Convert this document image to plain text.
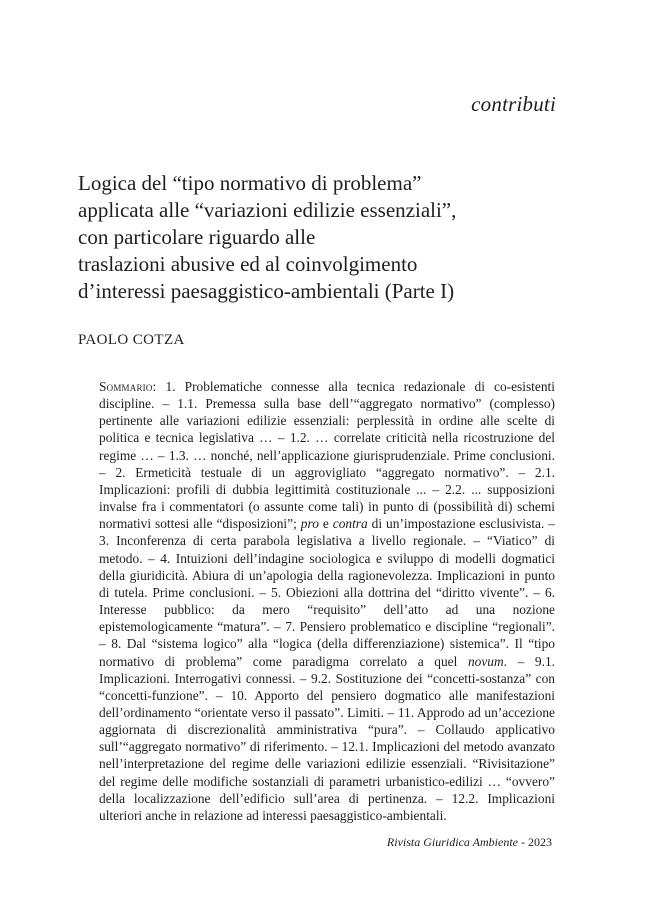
contributi
Logica del “tipo normativo di problema”
applicata alle “variazioni edilizie essenziali”,
con particolare riguardo alle
traslazioni abusive ed al coinvolgimento
d’interessi paesaggistico-ambientali (Parte I)
PAOLO COTZA
Sommario: 1. Problematiche connesse alla tecnica redazionale di co-esistenti discipline. – 1.1. Premessa sulla base dell’“aggregato normativo” (complesso) pertinente alle variazioni edilizie essenziali: perplessità in ordine alle scelte di politica e tecnica legislativa … – 1.2. … correlate criticità nella ricostruzione del regime … – 1.3. … nonché, nell’applicazione giurisprudenziale. Prime conclusioni. – 2. Ermeticità testuale di un aggrovigliato “aggregato normativo”. – 2.1. Implicazioni: profili di dubbia legittimità costituzionale ... – 2.2. ... supposizioni invalse fra i commentatori (o assunte come tali) in punto di (possibilità di) schemi normativi sottesi alle “disposizioni”; pro e contra di un’impostazione esclusivista. – 3. Inconferenza di certa parabola legislativa a livello regionale. – “Viatico” di metodo. – 4. Intuizioni dell’indagine sociologica e sviluppo di modelli dogmatici della giuridicità. Abiura di un’apologia della ragionevolezza. Implicazioni in punto di tutela. Prime conclusioni. – 5. Obiezioni alla dottrina del “diritto vivente”. – 6. Interesse pubblico: da mero “requisito” dell’atto ad una nozione epistemologicamente “matura”. – 7. Pensiero problematico e discipline “regionali”. – 8. Dal “sistema logico” alla “logica (della differenziazione) sistemica”. Il “tipo normativo di problema” come paradigma correlato a quel novum. – 9.1. Implicazioni. Interrogativi connessi. – 9.2. Sostituzione dei “concetti-sostanza” con “concetti-funzione”. – 10. Apporto del pensiero dogmatico alle manifestazioni dell’ordinamento “orientate verso il passato”. Limiti. – 11. Approdo ad un’accezione aggiornata di discrezionalità amministrativa “pura”. – Collaudo applicativo sull’“aggregato normativo” di riferimento. – 12.1. Implicazioni del metodo avanzato nell’interpretazione del regime delle variazioni edilizie essenziali. “Rivisitazione” del regime delle modifiche sostanziali di parametri urbanistico-edilizi … “ovvero” della localizzazione dell’edificio sull’area di pertinenza. – 12.2. Implicazioni ulteriori anche in relazione ad interessi paesaggistico-ambientali.
Rivista Giuridica Ambiente - 2023
